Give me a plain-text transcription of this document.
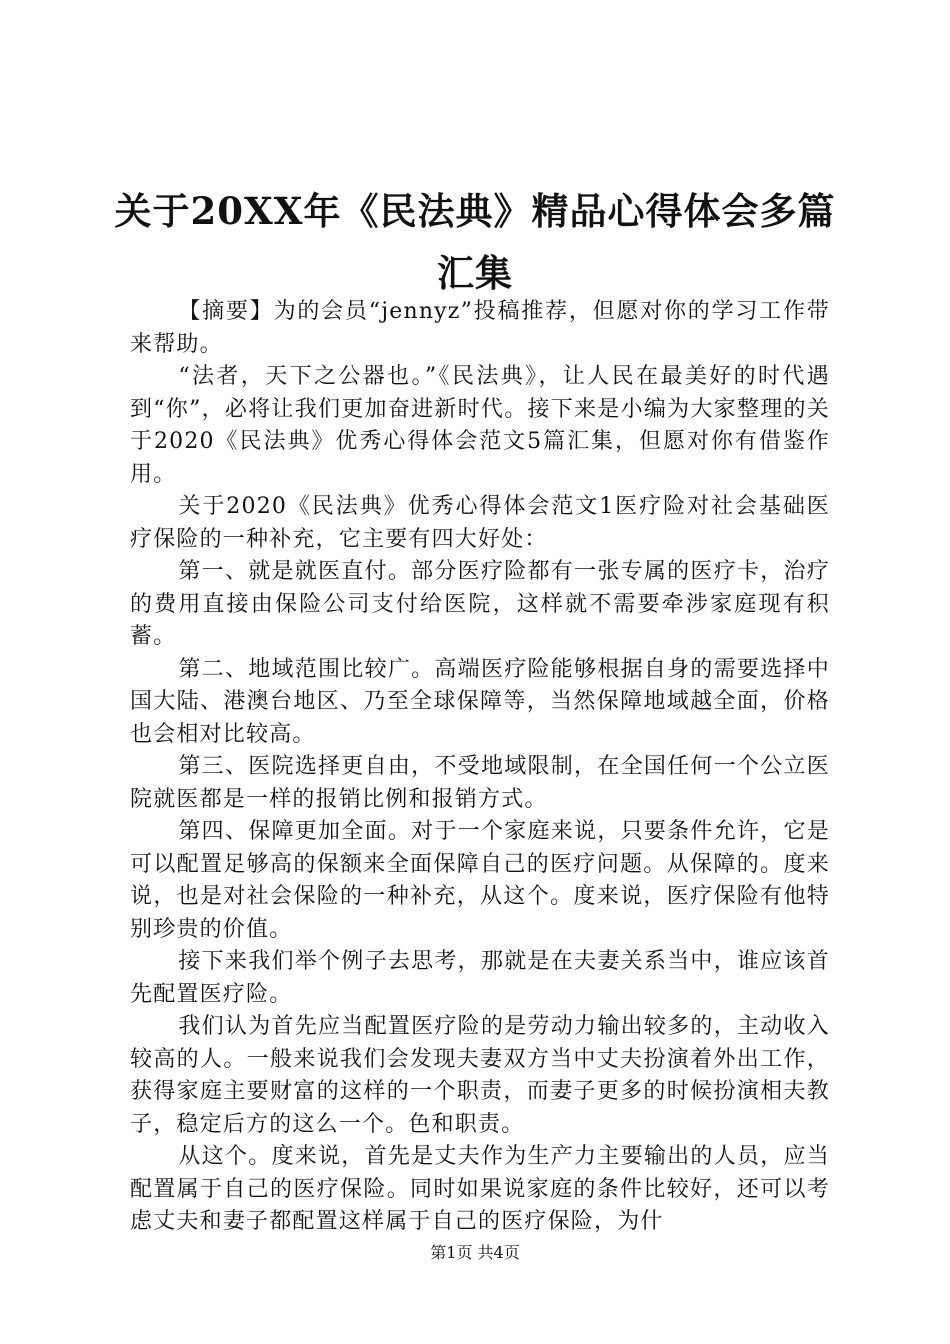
关于20XX年《民法典》精品心得体会多篇汇集

【摘要】为的会员“jennyz”投稿推荐，但愿对你的学习工作带来帮助。

“法者，天下之公器也。”《民法典》，让人民在最美好的时代遇到“你”，必将让我们更加奋进新时代。接下来是小编为大家整理的关于2020《民法典》优秀心得体会范文5篇汇集，但愿对你有借鉴作用。

关于2020《民法典》优秀心得体会范文1医疗险对社会基础医疗保险的一种补充，它主要有四大好处：

第一、就是就医直付。部分医疗险都有一张专属的医疗卡，治疗的费用直接由保险公司支付给医院，这样就不需要牵涉家庭现有积蓄。

第二、地域范围比较广。高端医疗险能够根据自身的需要选择中国大陆、港澳台地区、乃至全球保障等，当然保障地域越全面，价格也会相对比较高。

第三、医院选择更自由，不受地域限制，在全国任何一个公立医院就医都是一样的报销比例和报销方式。

第四、保障更加全面。对于一个家庭来说，只要条件允许，它是可以配置足够高的保额来全面保障自己的医疗问题。从保障的。度来说，也是对社会保险的一种补充，从这个。度来说，医疗保险有他特别珍贵的价值。

接下来我们举个例子去思考，那就是在夫妻关系当中，谁应该首先配置医疗险。

我们认为首先应当配置医疗险的是劳动力输出较多的，主动收入较高的人。一般来说我们会发现夫妻双方当中丈夫扮演着外出工作，获得家庭主要财富的这样的一个职责，而妻子更多的时候扮演相夫教子，稳定后方的这么一个。色和职责。

从这个。度来说，首先是丈夫作为生产力主要输出的人员，应当配置属于自己的医疗保险。同时如果说家庭的条件比较好，还可以考虑丈夫和妻子都配置这样属于自己的医疗保险，为什

第1页 共4页
